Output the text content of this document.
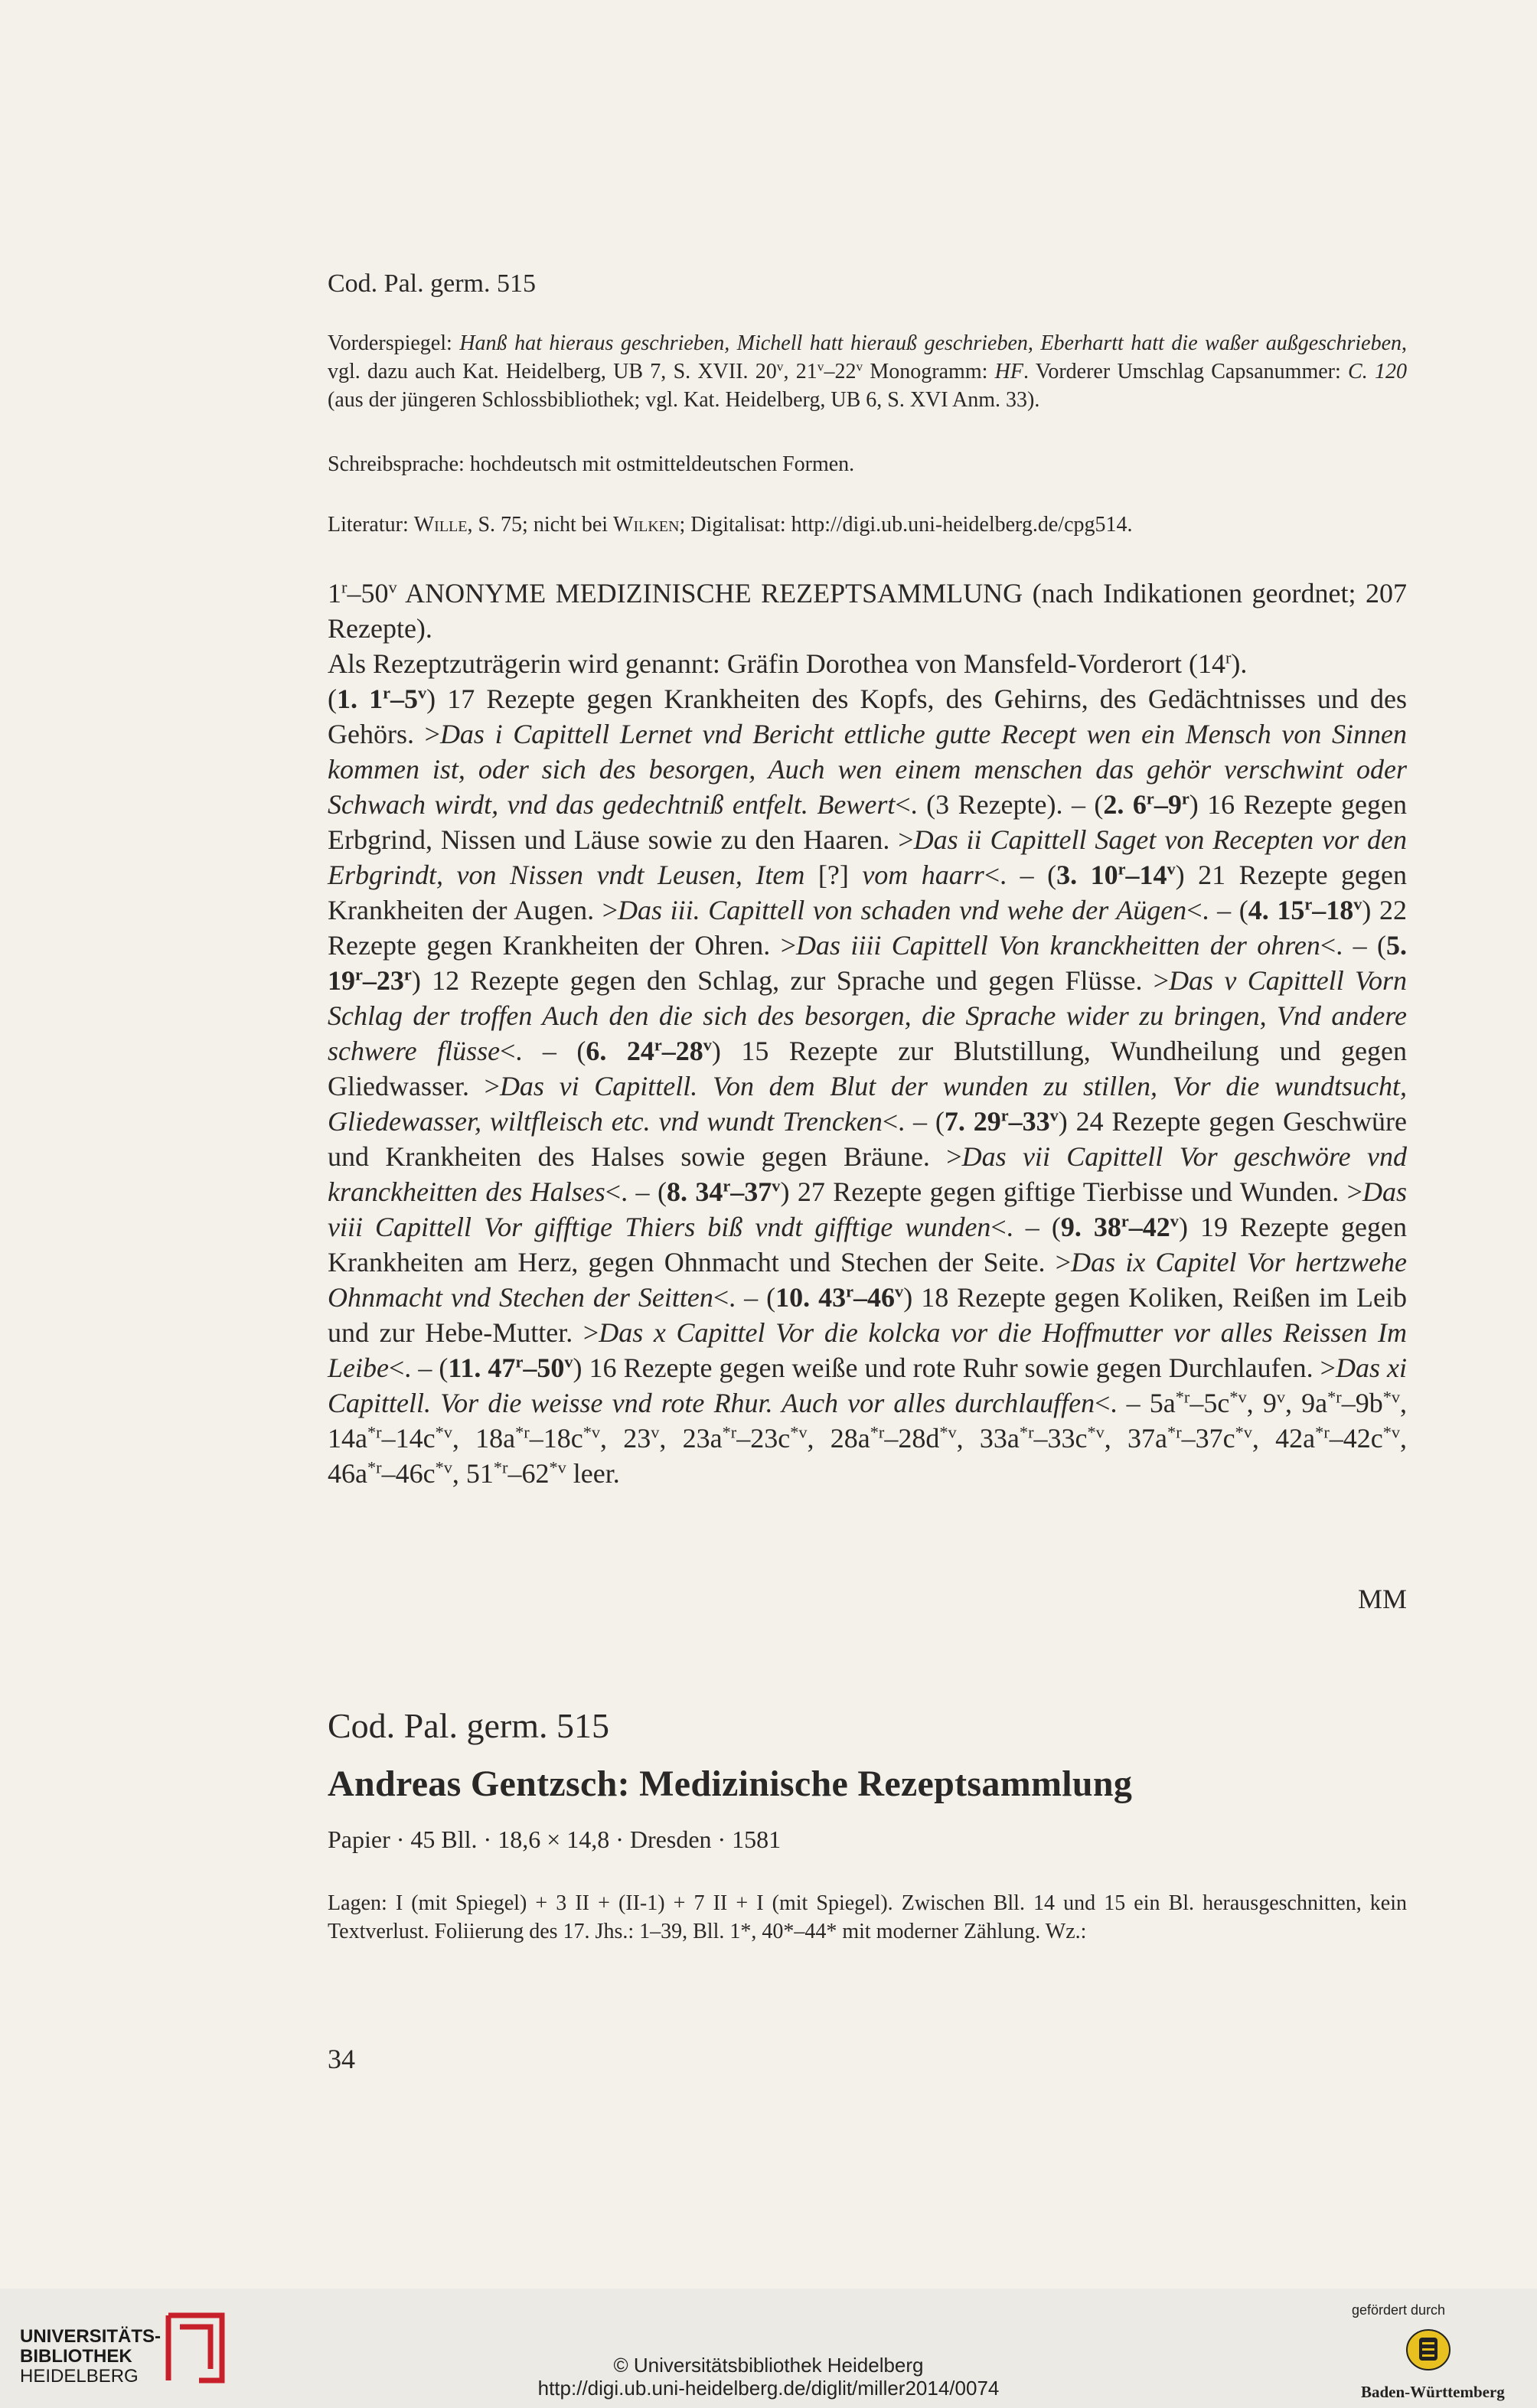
Cod. Pal. germ. 515
Vorderspiegel: Hanß hat hieraus geschrieben, Michell hatt hierauß geschrieben, Eberhartt hatt die waßer außgeschrieben, vgl. dazu auch Kat. Heidelberg, UB 7, S. XVII. 20$^v$, 21$^v$–22$^v$ Monogramm: HF. Vorderer Umschlag Capsanummer: C. 120 (aus der jüngeren Schlossbibliothek; vgl. Kat. Heidelberg, UB 6, S. XVI Anm. 33).
Schreibsprache: hochdeutsch mit ostmitteldeutschen Formen.
Literatur: Wille, S. 75; nicht bei Wilken; Digitalisat: http://digi.ub.uni-heidelberg.de/cpg514.

1$^r$–50$^v$ ANONYME MEDIZINISCHE REZEPTSAMMLUNG (nach Indikationen geordnet; 207 Rezepte).

Als Rezeptzuträgerin wird genannt: Gräfin Dorothea von Mansfeld-Vorderort (14$^r$).

(1. 1$^r$–5$^v$) 17 Rezepte gegen Krankheiten des Kopfs, des Gehirns, des Gedächtnisses und des Gehörs. >Das i Capittell Lernet vnd Bericht ettliche gutte Recept wen ein Mensch von Sinnen kommen ist, oder sich des besorgen, Auch wen einem menschen das gehör verschwint oder Schwach wirdt, vnd das gedechtniß entfelt. Bewert<. (3 Rezepte). – (2. 6$^r$–9$^r$) 16 Rezepte gegen Erbgrind, Nissen und Läuse sowie zu den Haaren. >Das ii Capittell Saget von Recepten vor den Erbgrindt, von Nissen vndt Leusen, Item [?] vom haarr<. – (3. 10$^r$–14$^v$) 21 Rezepte gegen Krankheiten der Augen. >Das iii. Capittell von schaden vnd wehe der Aügen<. – (4. 15$^r$–18$^v$) 22 Rezepte gegen Krankheiten der Ohren. >Das iiii Capittell Von kranckheitten der ohren<. – (5. 19$^r$–23$^r$) 12 Rezepte gegen den Schlag, zur Sprache und gegen Flüsse. >Das v Capittell Vorn Schlag der troffen Auch den die sich des besorgen, die Sprache wider zu bringen, Vnd andere schwere flüsse<. – (6. 24$^r$–28$^v$) 15 Rezepte zur Blutstillung, Wundheilung und gegen Gliedwasser. >Das vi Capittell. Von dem Blut der wunden zu stillen, Vor die wundtsucht, Gliedewasser, wiltfleisch etc. vnd wundt Trencken<. – (7. 29$^r$–33$^v$) 24 Rezepte gegen Geschwüre und Krankheiten des Halses sowie gegen Bräune. >Das vii Capittell Vor geschwöre vnd kranckheitten des Halses<. – (8. 34$^r$–37$^v$) 27 Rezepte gegen giftige Tierbisse und Wunden. >Das viii Capittell Vor gifftige Thiers biß vndt gifftige wunden<. – (9. 38$^r$–42$^v$) 19 Rezepte gegen Krankheiten am Herz, gegen Ohnmacht und Stechen der Seite. >Das ix Capitel Vor hertzwehe Ohnmacht vnd Stechen der Seitten<. – (10. 43$^r$–46$^v$) 18 Rezepte gegen Koliken, Reißen im Leib und zur Hebe-Mutter. >Das x Capittel Vor die kolcka vor die Hoffmutter vor alles Reissen Im Leibe<. – (11. 47$^r$–50$^v$) 16 Rezepte gegen weiße und rote Ruhr sowie gegen Durchlaufen. >Das xi Capittell. Vor die weisse vnd rote Rhur. Auch vor alles durchlauffen<. – $5a^{*r}-5c^{*v}$, 9$^v$, $9a^{*r}-9b^{*v}$, $14a^{*r}-14c^{*v}$, $18a^{*r}-18c^{*v}$, 23$^v$, $23a^{*r}-23c^{*v}$, $28a^{*r}-28d^{*v}$, $33a^{*r}-33c^{*v}$, $37a^{*r}-37c^{*v}$, $42a^{*r}-42c^{*v}$, $46a^{*r}-46c^{*v}$, 51$^{*r}$–62$^{*v}$ leer.

MM
Cod. Pal. germ. 515
Andreas Gentzsch: Medizinische Rezeptsammlung
Papier · 45 Bll. · 18,6 × 14,8 · Dresden · 1581
Lagen: I (mit Spiegel) + 3 II + (II-1) + 7 II + I (mit Spiegel). Zwischen Bll. 14 und 15 ein Bl. herausgeschnitten, kein Textverlust. Foliierung des 17. Jhs.: 1–39, Bll. 1*, 40*–44* mit moderner Zählung. Wz.:
34
UNIVERSITÄTS-
BIBLIOTHEK
HEIDELBERG	© Universitätsbibliothek Heidelberg
http://digi.ub.uni-heidelberg.de/diglit/miller2014/0074
gefördert durch
Baden-Württemberg
